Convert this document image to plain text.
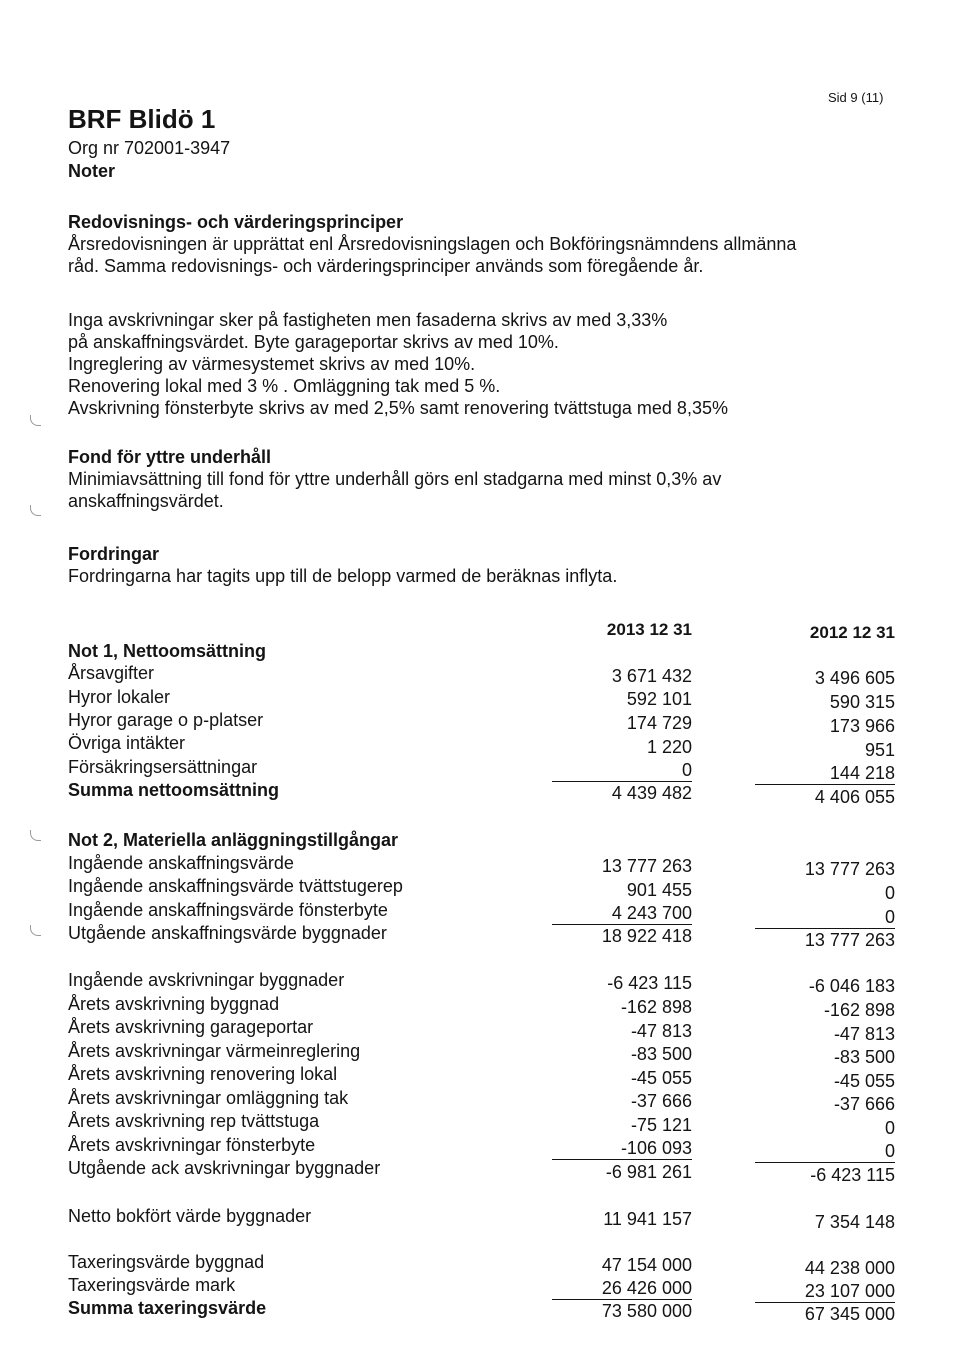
BRF Blidö 1
Org nr 702001-3947
Noter
Sid 9 (11)
Redovisnings- och värderingsprinciper
Årsredovisningen är upprättat enl Årsredovisningslagen och Bokföringsnämndens allmänna
råd. Samma redovisnings- och värderingsprinciper används som föregående år.
Inga avskrivningar sker på fastigheten men fasaderna skrivs av med 3,33%
på anskaffningsvärdet. Byte garageportar skrivs av med 10%.
Ingreglering av värmesystemet skrivs av med 10%.
Renovering lokal med 3 % . Omläggning tak med 5 %.
Avskrivning fönsterbyte skrivs av med 2,5% samt renovering tvättstuga med 8,35%
Fond för yttre underhåll
Minimiavsättning till fond för yttre underhåll görs enl stadgarna med minst 0,3% av
anskaffningsvärdet.
Fordringar
Fordringarna har tagits upp till de belopp varmed de beräknas inflyta.
2013 12 31	2012 12 31
Not 1, Nettoomsättning
Årsavgifter	3 671 432	3 496 605
Hyror lokaler	592 101	590 315
Hyror garage o p-platser	174 729	173 966
Övriga intäkter	1 220	951
Försäkringsersättningar	0	144 218
Summa nettoomsättning	4 439 482	4 406 055
Not 2, Materiella anläggningstillgångar
Ingående anskaffningsvärde	13 777 263	13 777 263
Ingående anskaffningsvärde tvättstugerep	901 455	0
Ingående anskaffningsvärde fönsterbyte	4 243 700	0
Utgående anskaffningsvärde byggnader	18 922 418	13 777 263
Ingående avskrivningar byggnader	-6 423 115	-6 046 183
Årets avskrivning byggnad	-162 898	-162 898
Årets avskrivning garageportar	-47 813	-47 813
Årets avskrivningar värmeinreglering	-83 500	-83 500
Årets avskrivning renovering lokal	-45 055	-45 055
Årets avskrivningar omläggning tak	-37 666	-37 666
Årets avskrivning rep tvättstuga	-75 121	0
Årets avskrivningar fönsterbyte	-106 093	0
Utgående ack avskrivningar byggnader	-6 981 261	-6 423 115
Netto bokfört värde byggnader	11 941 157	7 354 148
Taxeringsvärde byggnad	47 154 000	44 238 000
Taxeringsvärde mark	26 426 000	23 107 000
Summa taxeringsvärde	73 580 000	67 345 000
